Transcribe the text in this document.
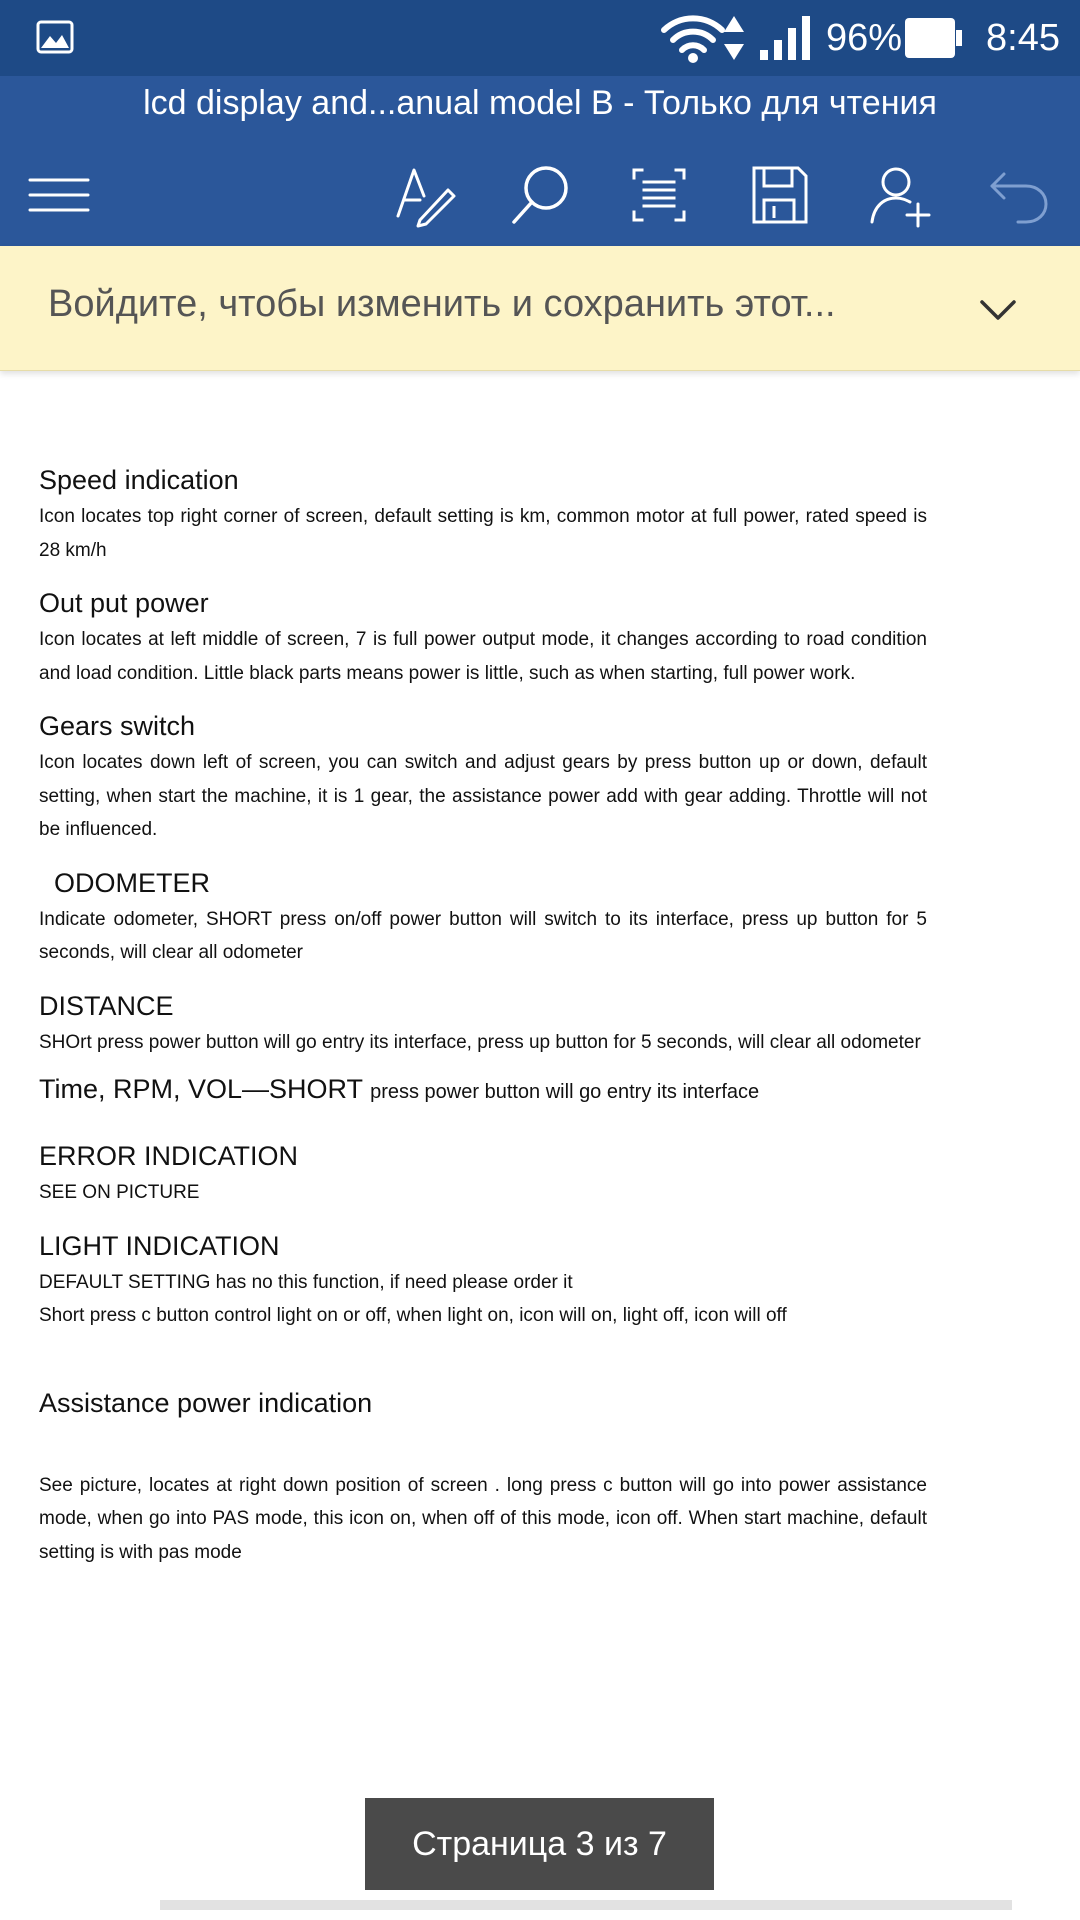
96% 8:45
lcd display and...anual model B - Только для чтения
Войдите, чтобы изменить и сохранить этот...
Speed indication

Icon locates top right corner of screen, default setting is km, common motor at full power, rated speed is 28 km/h

Out put power

Icon locates at left middle of screen, 7 is full power output mode, it changes according to road condition and load condition. Little black parts means power is little, such as when starting, full power work.

Gears switch

Icon locates down left of screen, you can switch and adjust gears by press button up or down, default setting, when start the machine, it is 1 gear, the assistance power add with gear adding. Throttle will not be influenced.

ODOMETER

Indicate odometer, SHORT press on/off power button will switch to its interface, press up button for 5 seconds, will clear all odometer

DISTANCE

SHOrt press power button will go entry its interface, press up button for 5 seconds, will clear all odometer

Time, RPM, VOL—SHORT press power button will go entry its interface
ERROR INDICATION

SEE ON PICTURE

LIGHT INDICATION

DEFAULT SETTING has no this function, if need please order it

Short press c button control light on or off, when light on, icon will on, light off, icon will off

Assistance power indication

See picture, locates at right down position of screen . long press c button will go into power assistance mode, when go into PAS mode, this icon on, when off of this mode, icon off. When start machine, default setting is with pas mode

Страница 3 из 7
